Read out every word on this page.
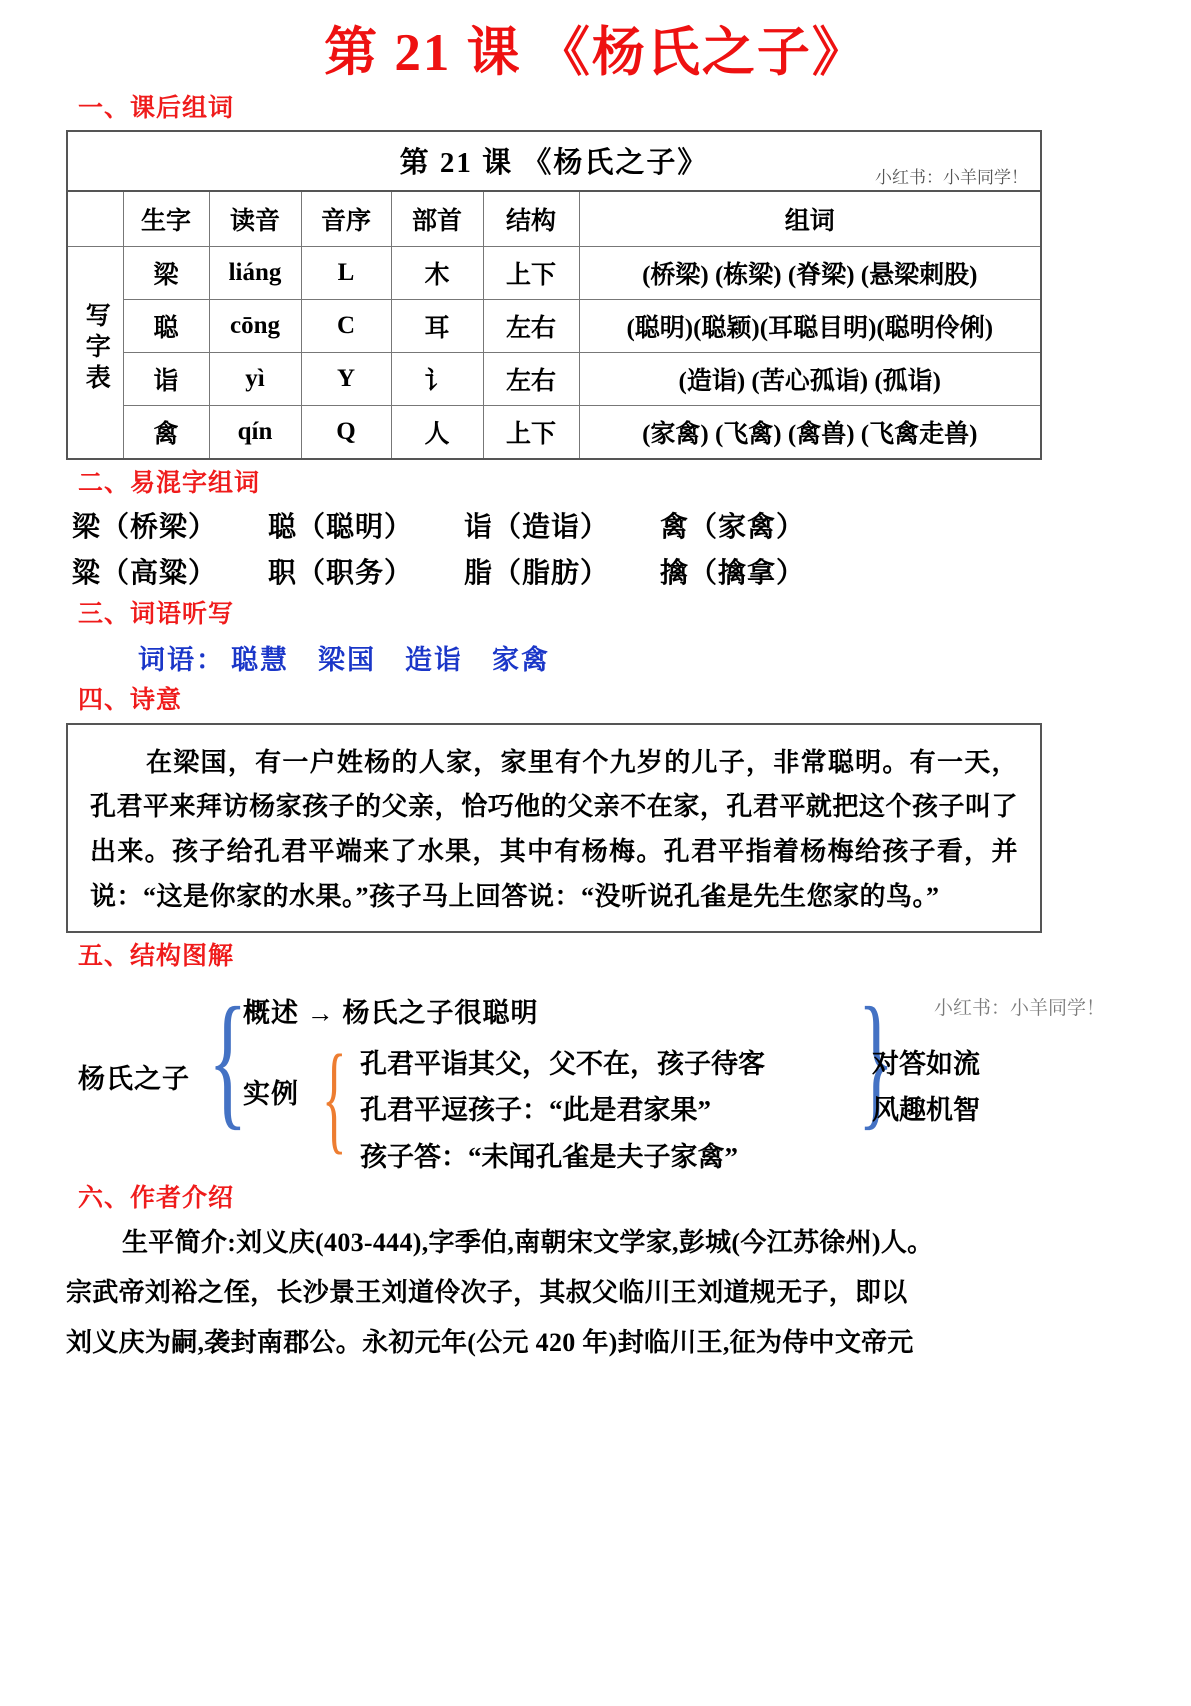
第 21 课 《杨氏之子》
一、课后组词
第 21 课 《杨氏之子》 小红书：小羊同学！						

	生字	读音	音序	部首	结构	组词
写字表	梁	liáng	L	木	上下	(桥梁) (栋梁) (脊梁) (悬梁刺股)
	聪	cōng	C	耳	左右	(聪明)(聪颖)(耳聪目明)(聪明伶俐)
	诣	yì	Y	讠	左右	(造诣) (苦心孤诣) (孤诣)
	禽	qín	Q	人	上下	(家禽) (飞禽) (禽兽) (飞禽走兽)
二、易混字组词
梁（桥梁）	聪（聪明）	诣（造诣）	禽（家禽）
粱（高粱）	职（职务）	脂（脂肪）	擒（擒拿）
三、词语听写
词语： 聪慧　梁国　造诣　家禽
四、诗意

在梁国，有一户姓杨的人家，家里有个九岁的儿子，非常聪明。有一天，孔君平来拜访杨家孩子的父亲，恰巧他的父亲不在家，孔君平就把这个孩子叫了出来。孩子给孔君平端来了水果，其中有杨梅。孔君平指着杨梅给孩子看，并说：“这是你家的水果。”孩子马上回答说：“没听说孔雀是先生您家的鸟。”

五、结构图解
杨氏之子 { {	{
概述 → 杨氏之子很聪明
实例
孔君平诣其父，父不在，孩子待客
孔君平逗孩子：“此是君家果”
孩子答：“未闻孔雀是夫子家禽”
对答如流
风趣机智
小红书：小羊同学！
六、作者介绍

生平简介:刘义庆(403-444),字季伯,南朝宋文学家,彭城(今江苏徐州)人。

宗武帝刘裕之侄，长沙景王刘道伶次子，其叔父临川王刘道规无子，即以

刘义庆为嗣,袭封南郡公。永初元年(公元 420 年)封临川王,征为侍中文帝元
